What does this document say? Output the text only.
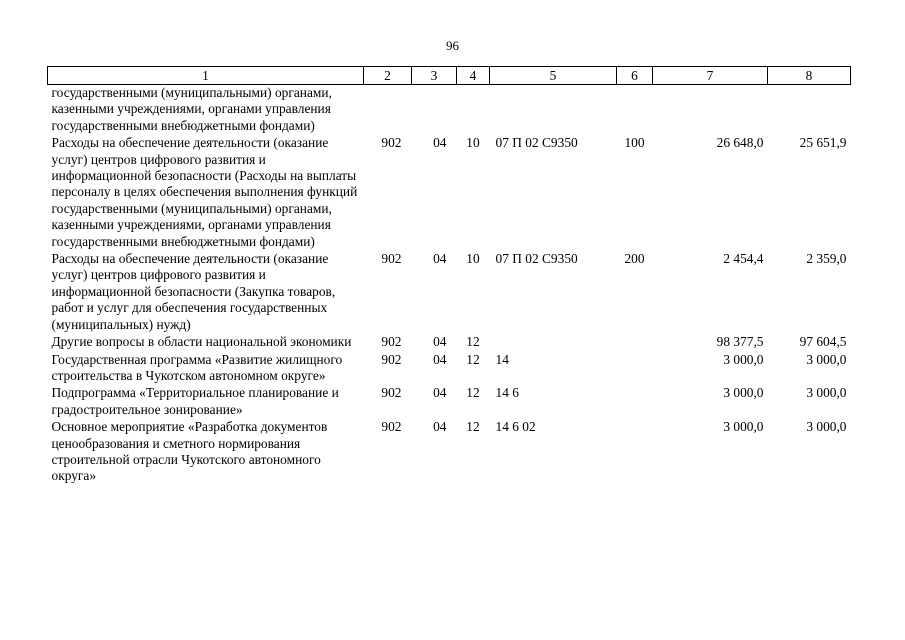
96
1	2	3	4	5	6	7	8
государственными (муниципальными) органами, казенными учреждениями, органами управления государственными внебюджетными фондами)							
Расходы на обеспечение деятельности (оказание услуг) центров цифрового развития и информационной безопасности (Расходы на выплаты персоналу в целях обеспечения выполнения функций государственными (муниципальными) органами, казенными учреждениями, органами управления государственными внебюджетными фондами)	902	04	10	07 П 02 С9350	100	26 648,0	25 651,9
Расходы на обеспечение деятельности (оказание услуг) центров цифрового развития и информационной безопасности (Закупка товаров, работ и услуг для обеспечения государственных (муниципальных) нужд)	902	04	10	07 П 02 С9350	200	2 454,4	2 359,0
Другие вопросы в области национальной экономики	902	04	12			98 377,5	97 604,5
Государственная программа «Развитие жилищного строительства в Чукотском автономном округе»	902	04	12	14		3 000,0	3 000,0
Подпрограмма «Территориальное планирование и градостроительное зонирование»	902	04	12	14 6		3 000,0	3 000,0
Основное мероприятие «Разработка документов ценообразования и сметного нормирования строительной отрасли Чукотского автономного округа»	902	04	12	14 6 02		3 000,0	3 000,0
